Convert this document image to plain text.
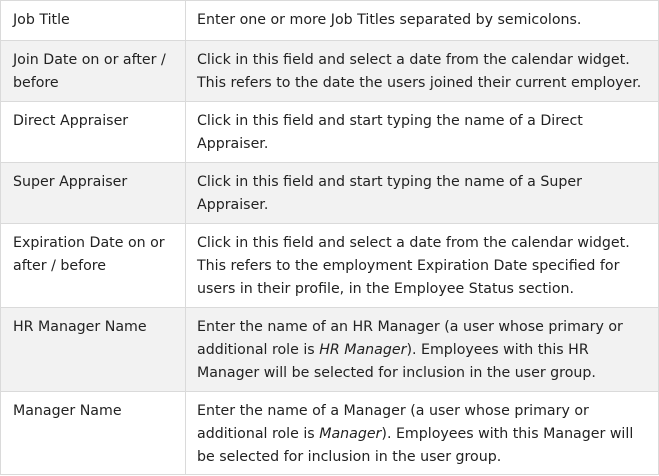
Job Title	Enter one or more Job Titles separated by semicolons.
Join Date on or after / before	Click in this field and select a date from the calendar widget. This refers to the date the users joined their current employer.
Direct Appraiser	Click in this field and start typing the name of a Direct Appraiser.
Super Appraiser	Click in this field and start typing the name of a Super Appraiser.
Expiration Date on or after / before	Click in this field and select a date from the calendar widget. This refers to the employment Expiration Date specified for users in their profile, in the Employee Status section.
HR Manager Name	Enter the name of an HR Manager (a user whose primary or additional role is HR Manager). Employees with this HR Manager will be selected for inclusion in the user group.
Manager Name	Enter the name of a Manager (a user whose primary or additional role is Manager). Employees with this Manager will be selected for inclusion in the user group.
